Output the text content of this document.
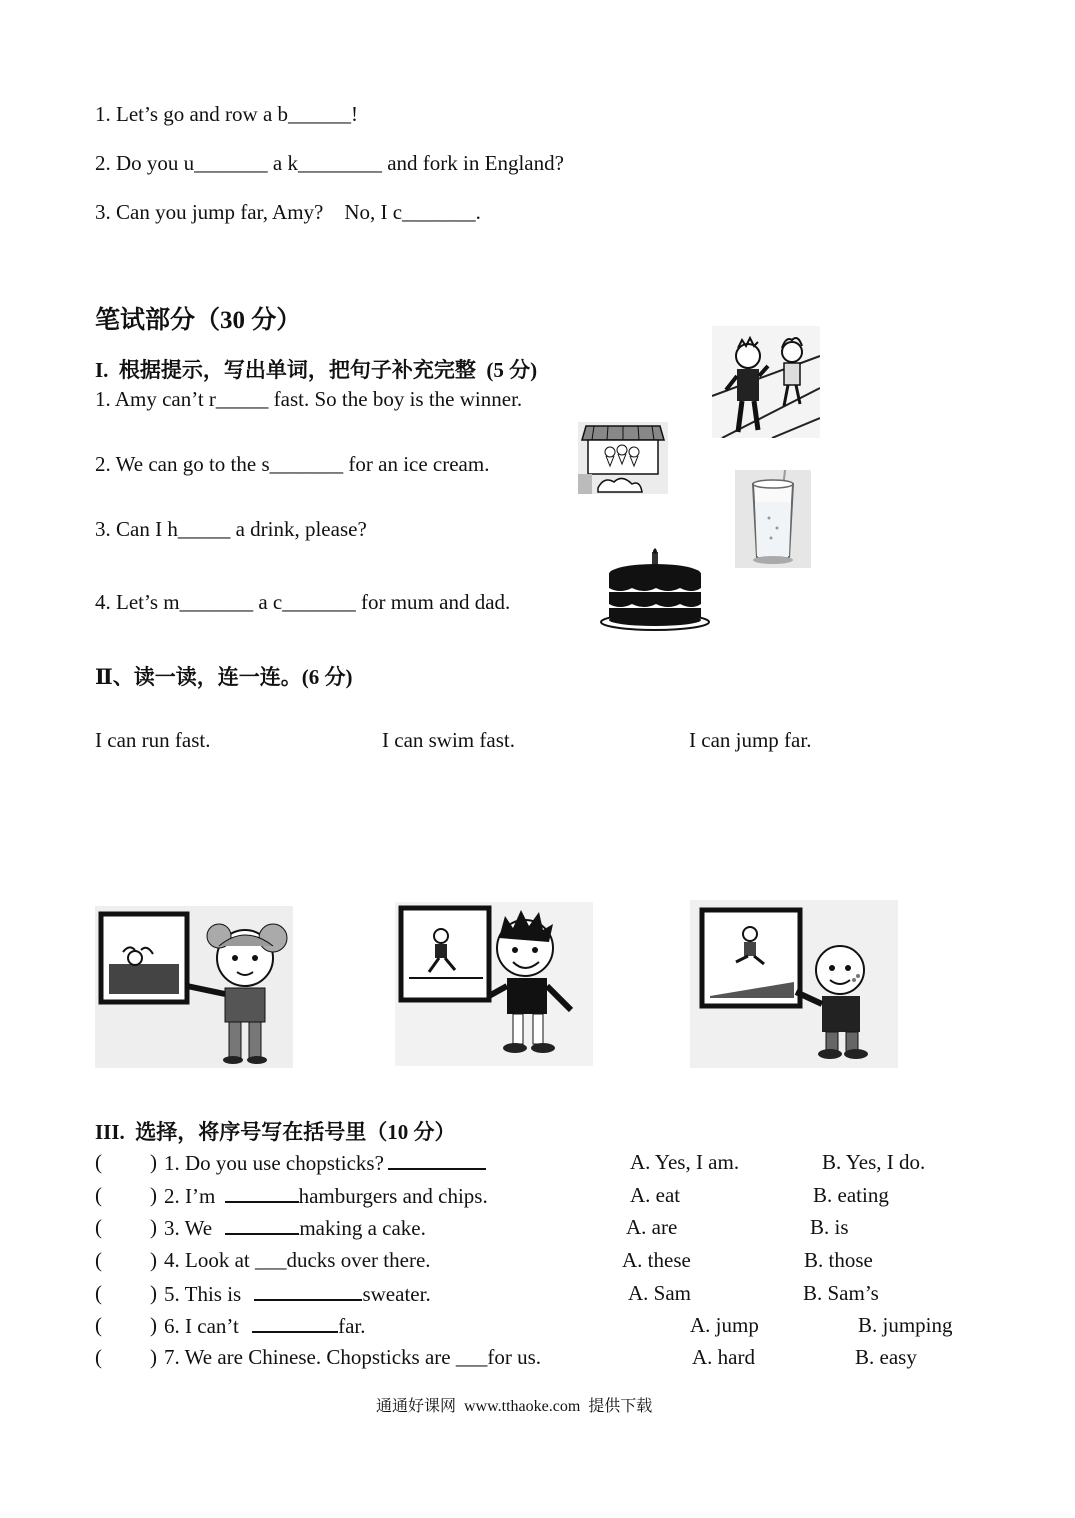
1. Let’s go and row a b______!
2. Do you u_______ a k________ and fork in England?
3. Can you jump far, Amy?    No, I c_______.
笔试部分（30 分）
I.  根据提示，写出单词，把句子补充完整  (5 分)
1. Amy can’t r_____ fast. So the boy is the winner.
2. We can go to the s_______ for an ice cream.
3. Can I h_____ a drink, please?
4. Let’s m_______ a c_______ for mum and dad.
Ⅱ、读一读，连一连。(6 分)
I can run fast.	I can swim fast.	I can jump far.
III.  选择，将序号写在括号里（10 分）
( ) 1. Do you use chopsticks?	A. Yes, I am.	B. Yes, I do.
( ) 2. I’m	hamburgers and chips.	A. eat	B. eating
( ) 3. We	making a cake.	A. are	B. is
( ) 4. Look at ___ducks over there.	A. these	B. those
( ) 5. This is	sweater.	A. Sam	B. Sam’s
( ) 6. I can’t	far.	A. jump	B. jumping
( ) 7. We are Chinese. Chopsticks are ___for us.	A. hard	B. easy
通通好课网  www.tthaoke.com  提供下载
